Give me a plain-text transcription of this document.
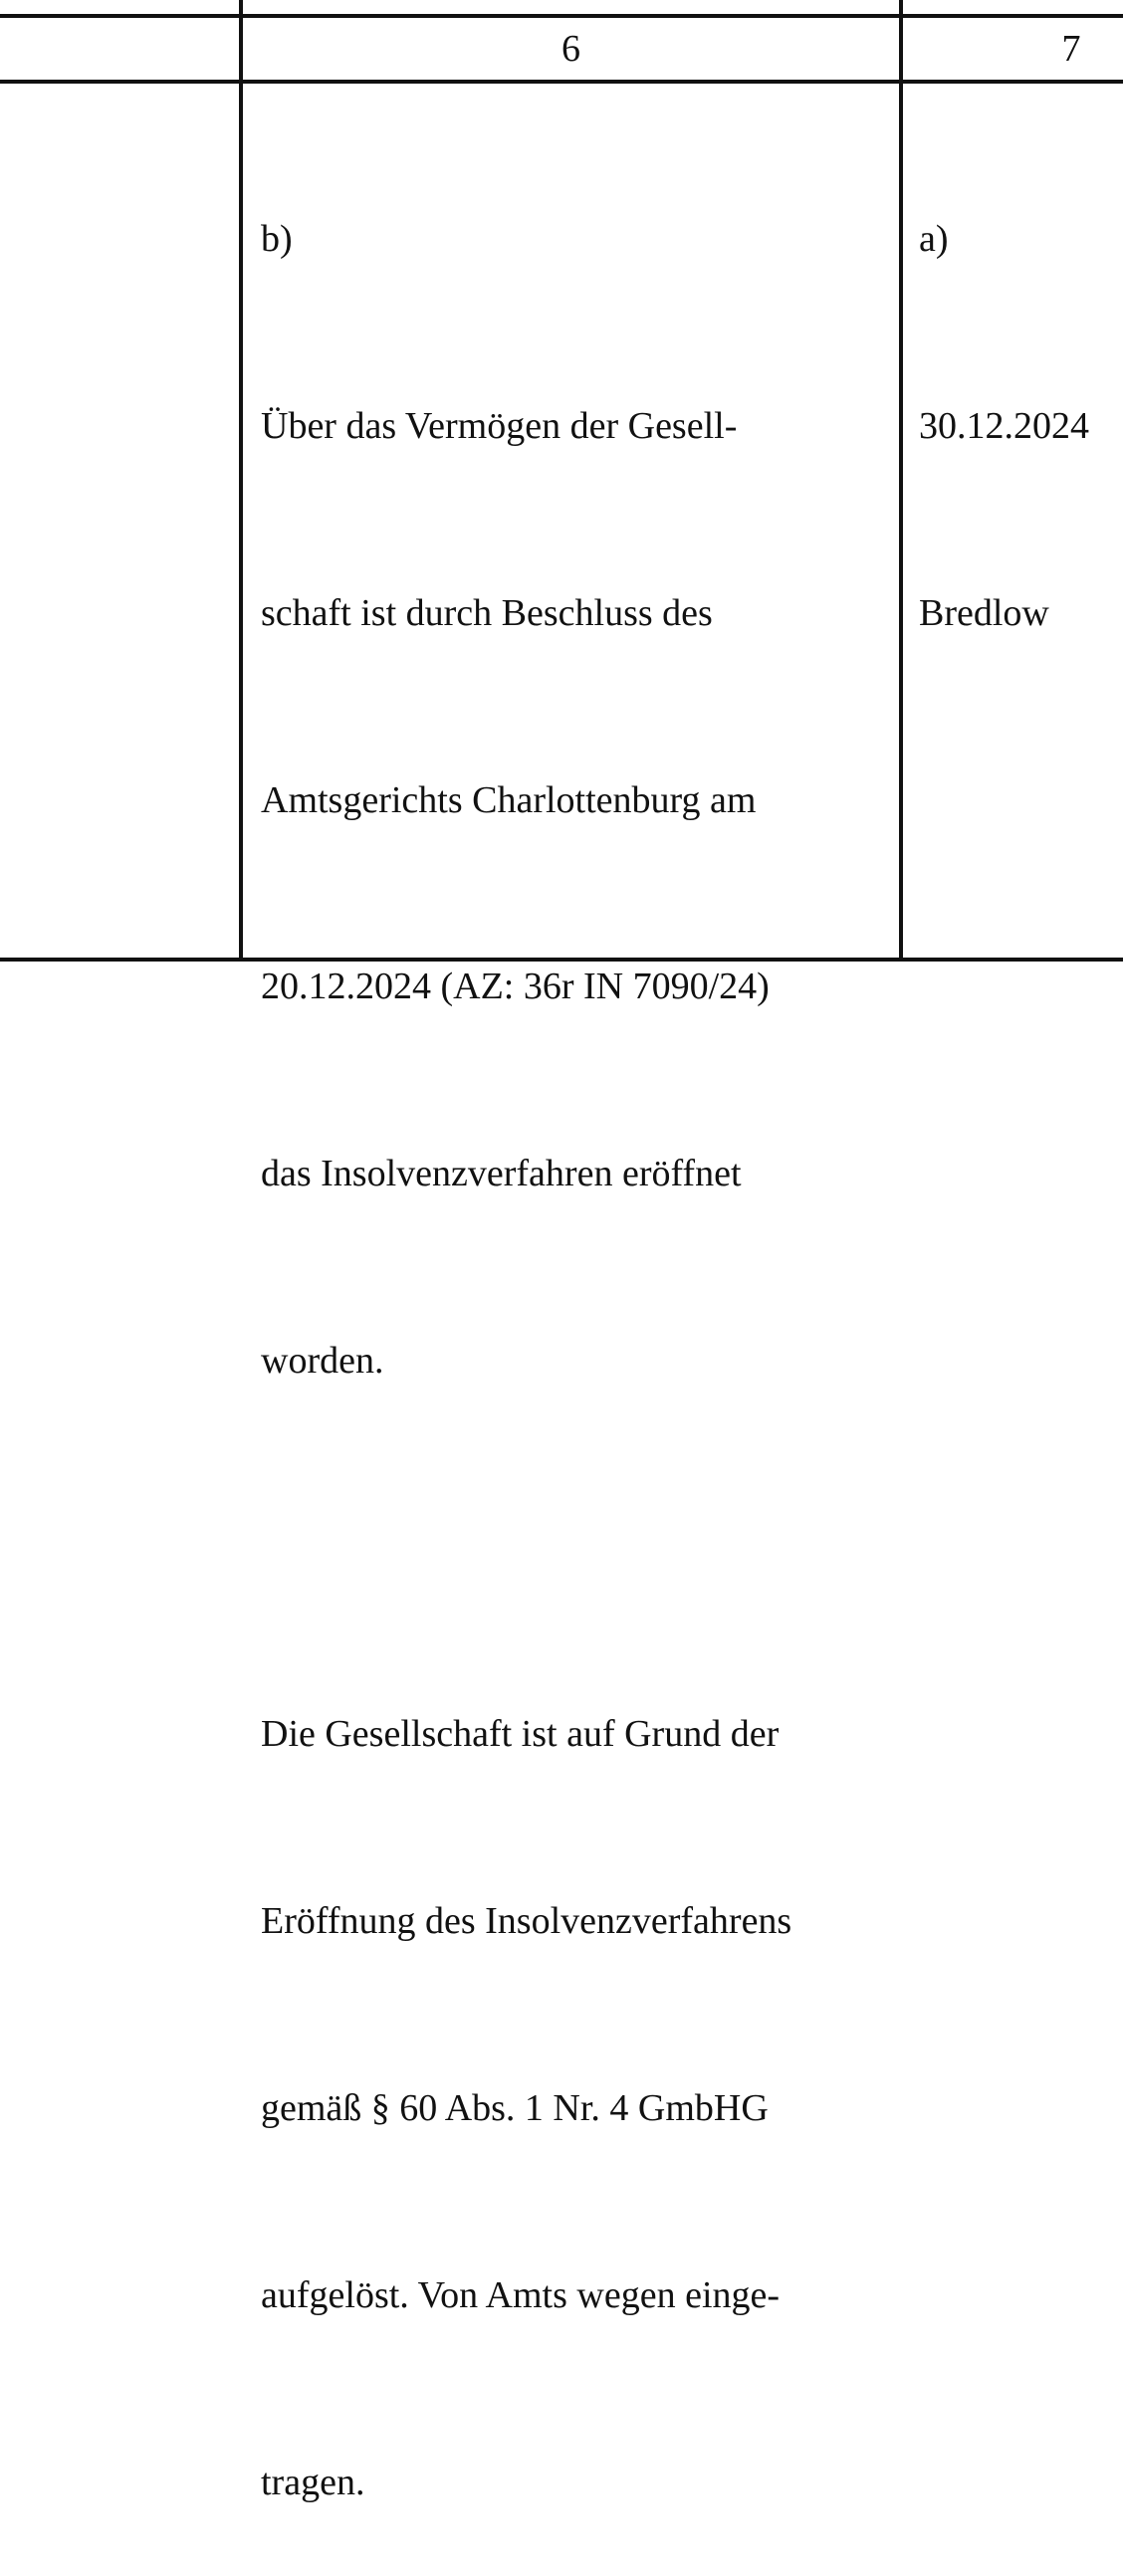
6	7

b)

Über das Vermögen der Gesell-

schaft ist durch Beschluss des

Amtsgerichts Charlottenburg am

20.12.2024 (AZ: 36r IN 7090/24)

das Insolvenzverfahren eröffnet

worden.

Die Gesellschaft ist auf Grund der

Eröffnung des Insolvenzverfahrens

gemäß § 60 Abs. 1 Nr. 4 GmbHG

aufgelöst. Von Amts wegen einge-

tragen.

a)

30.12.2024

Bredlow
